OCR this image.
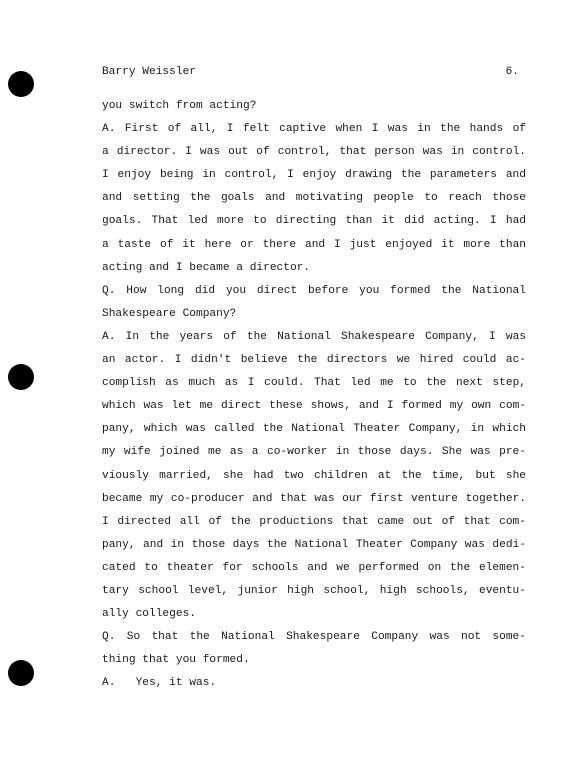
Barry Weissler	6.
you switch from acting?
A. First of all, I felt captive when I was in the hands of
a director. I was out of control, that person was in control.
I enjoy being in control, I enjoy drawing the parameters and
and setting the goals and motivating people to reach those
goals. That led more to directing than it did acting. I had
a taste of it here or there and I just enjoyed it more than
acting and I became a director.
Q. How long did you direct before you formed the National
Shakespeare Company?
A. In the years of the National Shakespeare Company, I was
an actor. I didn't believe the directors we hired could ac-
complish as much as I could. That led me to the next step,
which was let me direct these shows, and I formed my own com-
pany, which was called the National Theater Company, in which
my wife joined me as a co-worker in those days. She was pre-
viously married, she had two children at the time, but she
became my co-producer and that was our first venture together.
I directed all of the productions that came out of that com-
pany, and in those days the National Theater Company was dedi-
cated to theater for schools and we performed on the elemen-
tary school level, junior high school, high schools, eventu-
ally colleges.
Q. So that the National Shakespeare Company was not some-
thing that you formed.
A.   Yes, it was.
